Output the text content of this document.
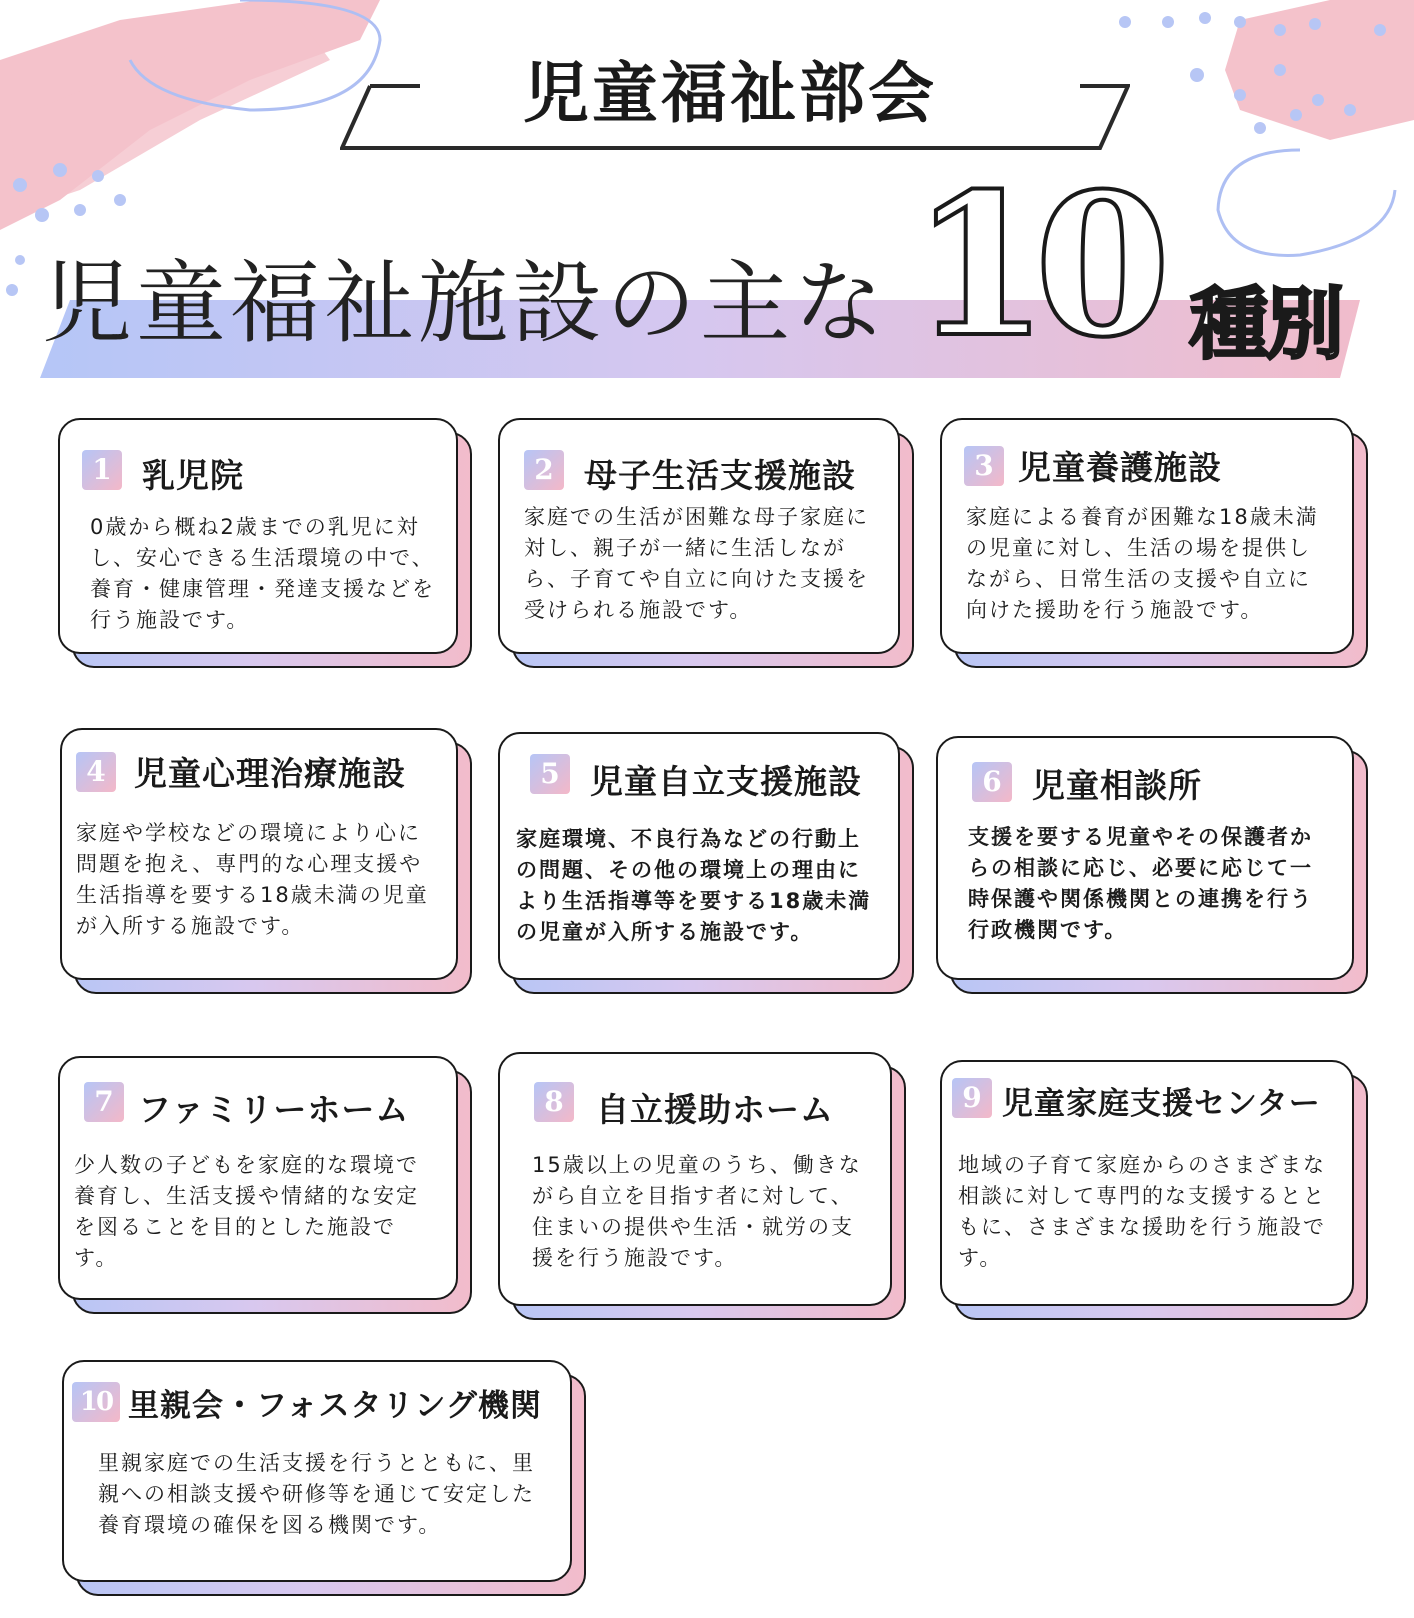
児童福祉部会
児童福祉施設の主な 10 種別
1 乳児院
0歳から概ね2歳までの乳児に対し、安心できる生活環境の中で、養育・健康管理・発達支援などを行う施設です。
2 母子生活支援施設
家庭での生活が困難な母子家庭に対し、親子が一緒に生活しながら、子育てや自立に向けた支援を受けられる施設です。
3 児童養護施設
家庭による養育が困難な18歳未満の児童に対し、生活の場を提供しながら、日常生活の支援や自立に向けた援助を行う施設です。
4 児童心理治療施設
家庭や学校などの環境により心に問題を抱え、専門的な心理支援や生活指導を要する18歳未満の児童が入所する施設です。
5 児童自立支援施設
家庭環境、不良行為などの行動上の問題、その他の環境上の理由により生活指導等を要する18歳未満の児童が入所する施設です。
6 児童相談所
支援を要する児童やその保護者からの相談に応じ、必要に応じて一時保護や関係機関との連携を行う行政機関です。
7 ファミリーホーム
少人数の子どもを家庭的な環境で養育し、生活支援や情緒的な安定を図ることを目的とした施設です。
8 自立援助ホーム
15歳以上の児童のうち、働きながら自立を目指す者に対して、住まいの提供や生活・就労の支援を行う施設です。
9 児童家庭支援センター
地域の子育て家庭からのさまざまな相談に対して専門的な支援するとともに、さまざまな援助を行う施設です。
10 里親会・フォスタリング機関
里親家庭での生活支援を行うとともに、里親への相談支援や研修等を通じて安定した養育環境の確保を図る機関です。
